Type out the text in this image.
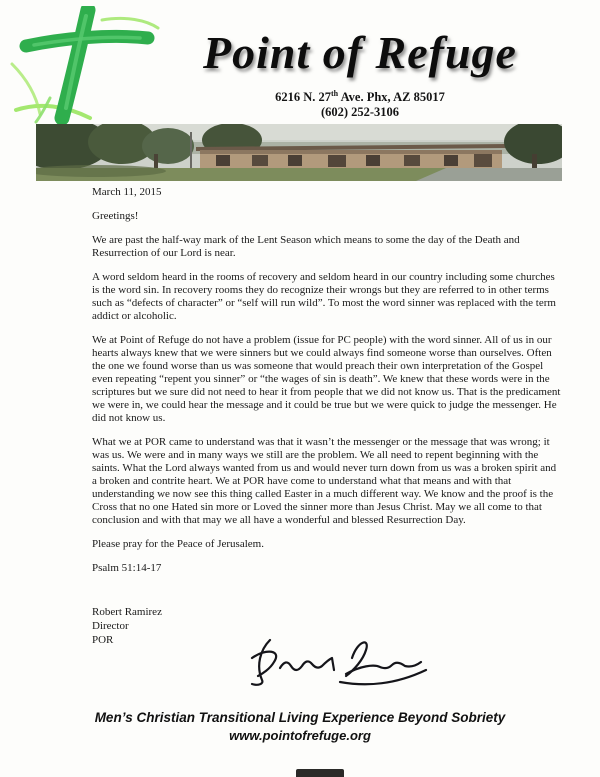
Point of Refuge
6216 N. 27th Ave. Phx, AZ 85017
(602) 252-3106

March 11, 2015

Greetings!

We are past the half-way mark of the Lent Season which means to some the day of the Death and Resurrection of our Lord is near.

A word seldom heard in the rooms of recovery and seldom heard in our country including some churches is the word sin. In recovery rooms they do recognize their wrongs but they are referred to in other terms such as “defects of character” or “self will run wild”. To most the word sinner was replaced with the term addict or alcoholic.

We at Point of Refuge do not have a problem (issue for PC people) with the word sinner. All of us in our hearts always knew that we were sinners but we could always find someone worse than ourselves. Often the one we found worse than us was someone that would preach their own interpretation of the Gospel even repeating “repent you sinner” or “the wages of sin is death”. We knew that these words were in the scriptures but we sure did not need to hear it from people that we did not know us. That is the predicament we were in, we could hear the message and it could be true but we were quick to judge the messenger. He did not know us.

What we at POR came to understand was that it wasn’t the messenger or the message that was wrong; it was us. We were and in many ways we still are the problem. We all need to repent beginning with the saints. What the Lord always wanted from us and would never turn down from us was a broken spirit and a broken and contrite heart. We at POR have come to understand what that means and with that understanding we now see this thing called Easter in a much different way. We know and the proof is the Cross that no one Hated sin more or Loved the sinner more than Jesus Christ. May we all come to that conclusion and with that may we all have a wonderful and blessed Resurrection Day.

Please pray for the Peace of Jerusalem.

Psalm 51:14-17

Robert Ramirez
Director
POR
Men’s Christian Transitional Living Experience Beyond Sobriety
www.pointofrefuge.org
